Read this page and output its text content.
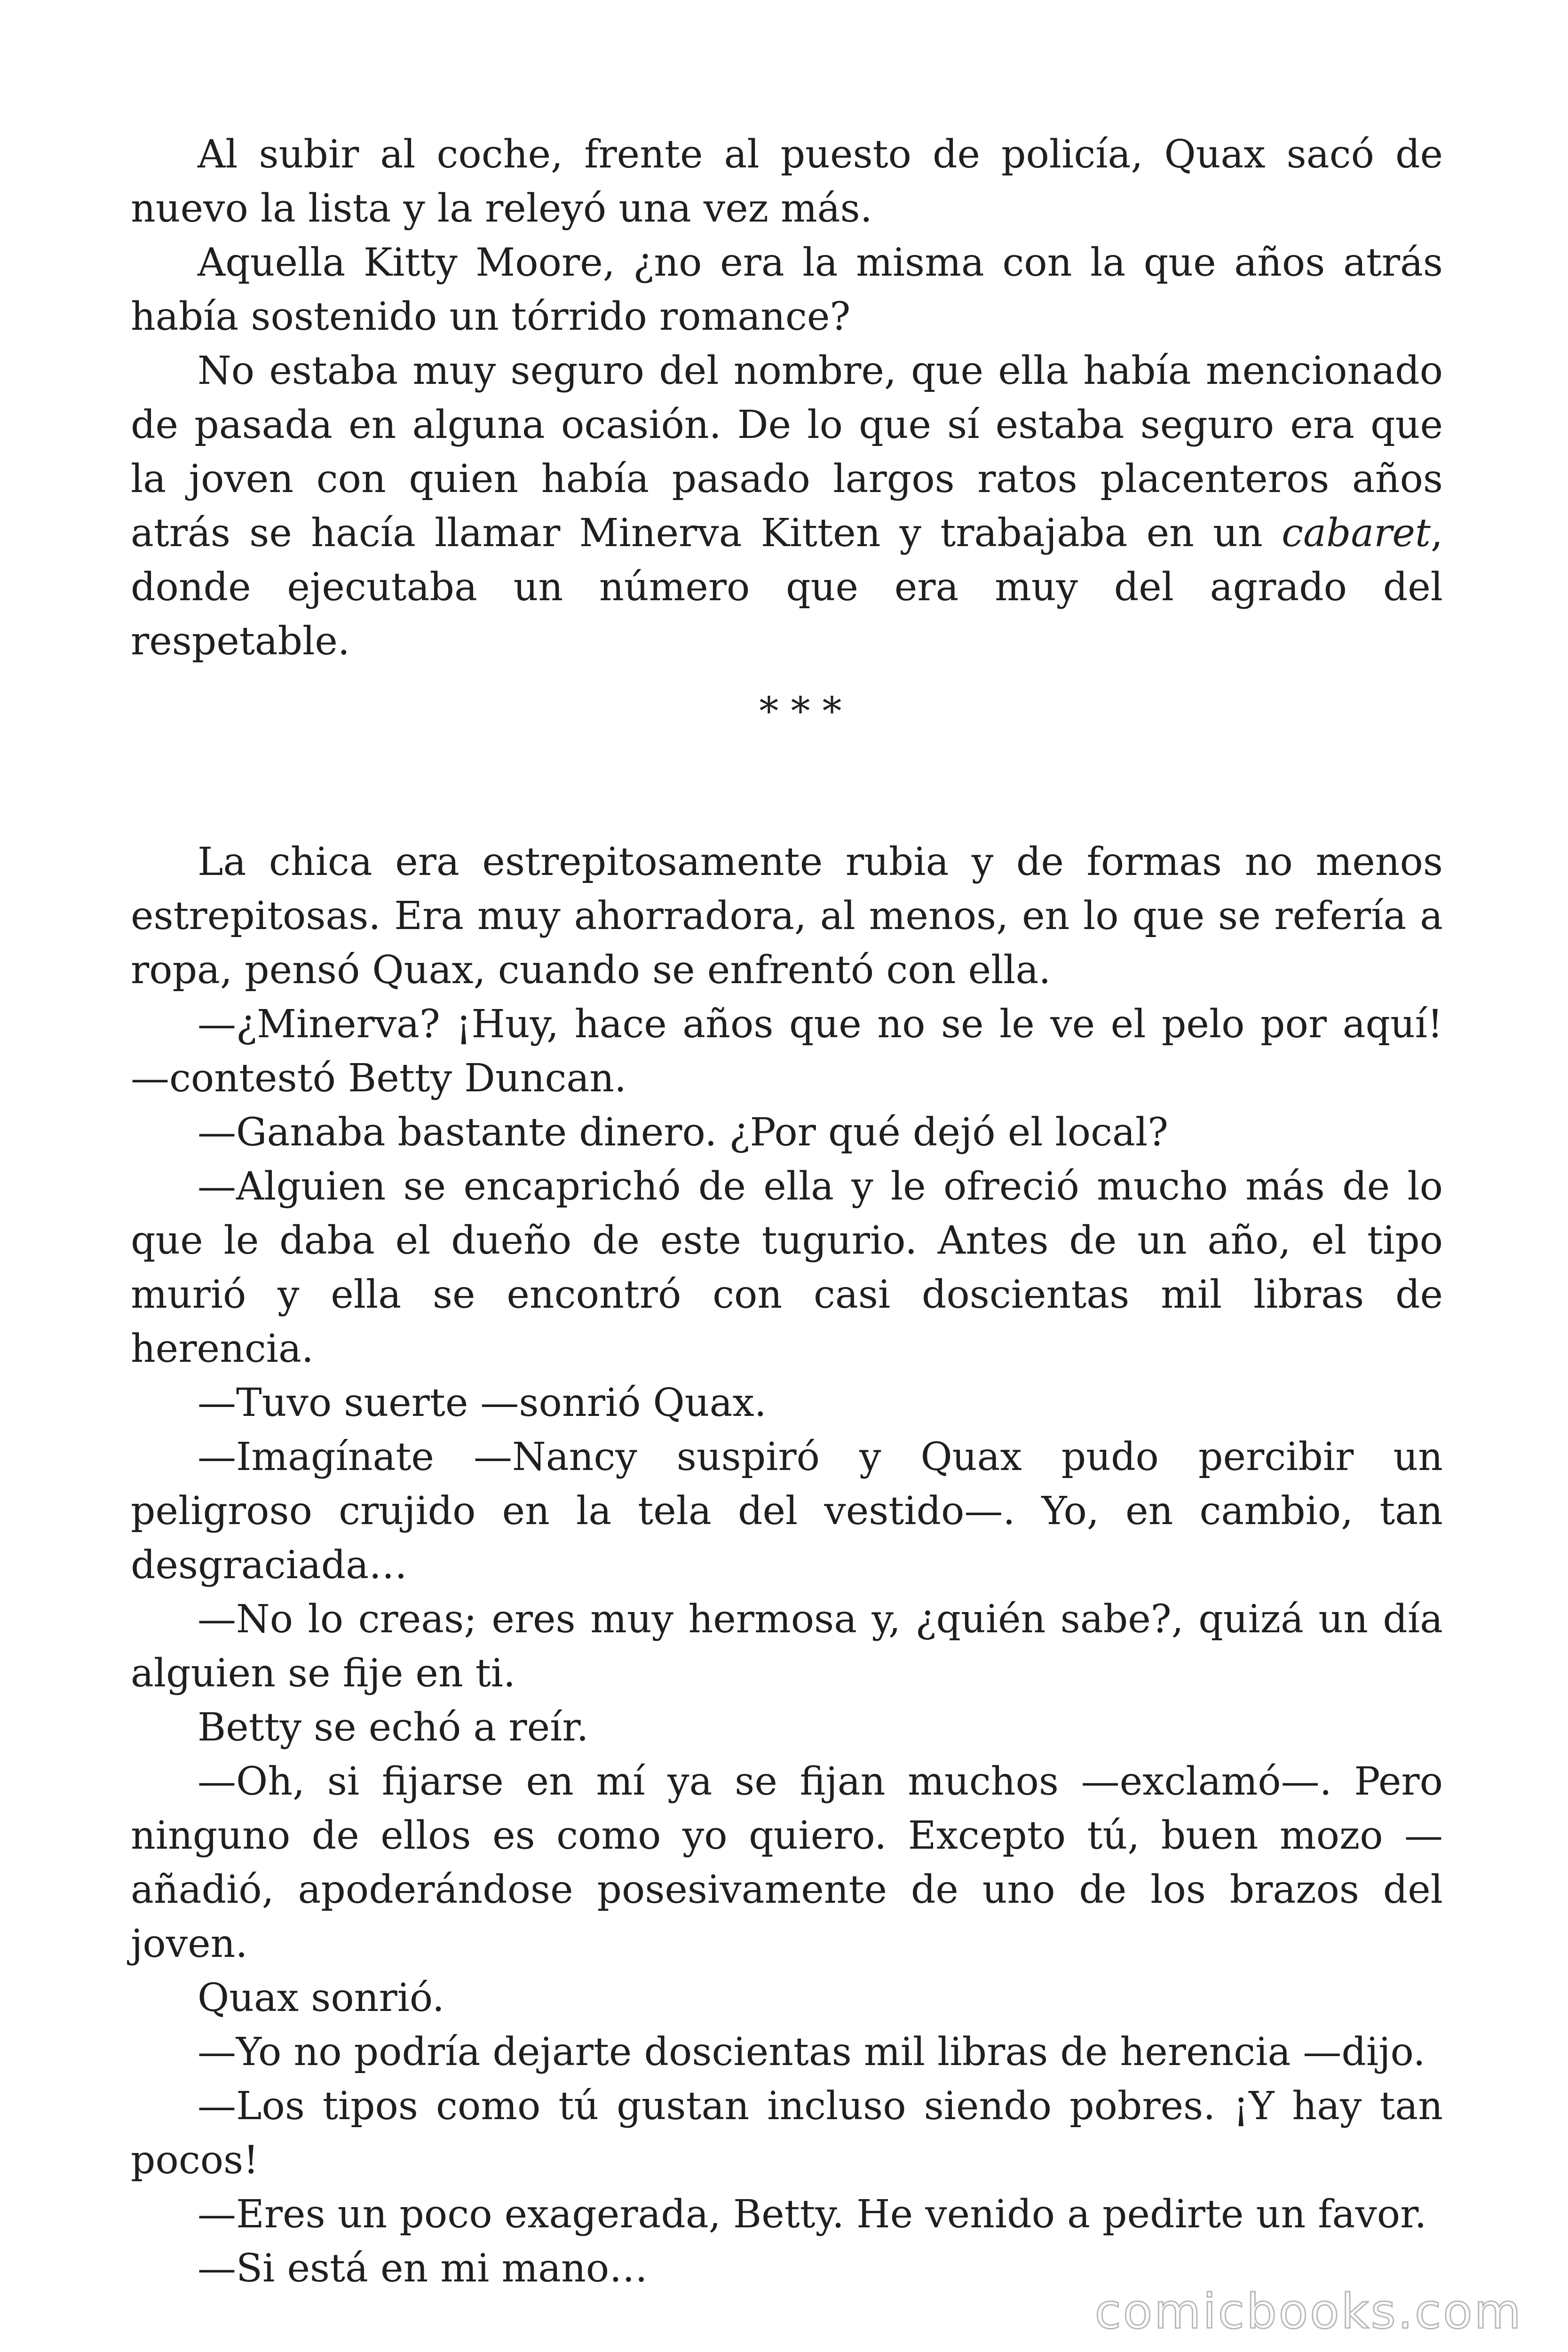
Al subir al coche, frente al puesto de policía, Quax sacó de nuevo la lista y la releyó una vez más.

Aquella Kitty Moore, ¿no era la misma con la que años atrás había sostenido un tórrido romance?

No estaba muy seguro del nombre, que ella había mencionado de pasada en alguna ocasión. De lo que sí estaba seguro era que la joven con quien había pasado largos ratos placenteros años atrás se hacía llamar Minerva Kitten y trabajaba en un cabaret, donde ejecutaba un número que era muy del agrado del respetable.

* * *

La chica era estrepitosamente rubia y de formas no menos estrepitosas. Era muy ahorradora, al menos, en lo que se refería a ropa, pensó Quax, cuando se enfrentó con ella.

—¿Minerva? ¡Huy, hace años que no se le ve el pelo por aquí! —contestó Betty Duncan.

—Ganaba bastante dinero. ¿Por qué dejó el local?

—Alguien se encaprichó de ella y le ofreció mucho más de lo que le daba el dueño de este tugurio. Antes de un año, el tipo murió y ella se encontró con casi doscientas mil libras de herencia.

—Tuvo suerte —sonrió Quax.

—Imagínate —Nancy suspiró y Quax pudo percibir un peligroso crujido en la tela del vestido—. Yo, en cambio, tan desgraciada…

—No lo creas; eres muy hermosa y, ¿quién sabe?, quizá un día alguien se fije en ti.

Betty se echó a reír.

—Oh, si fijarse en mí ya se fijan muchos —exclamó—. Pero ninguno de ellos es como yo quiero. Excepto tú, buen mozo —añadió, apoderándose posesivamente de uno de los brazos del joven.

Quax sonrió.

—Yo no podría dejarte doscientas mil libras de herencia —dijo.

—Los tipos como tú gustan incluso siendo pobres. ¡Y hay tan pocos!

—Eres un poco exagerada, Betty. He venido a pedirte un favor.

—Si está en mi mano…

comicbooks.com
